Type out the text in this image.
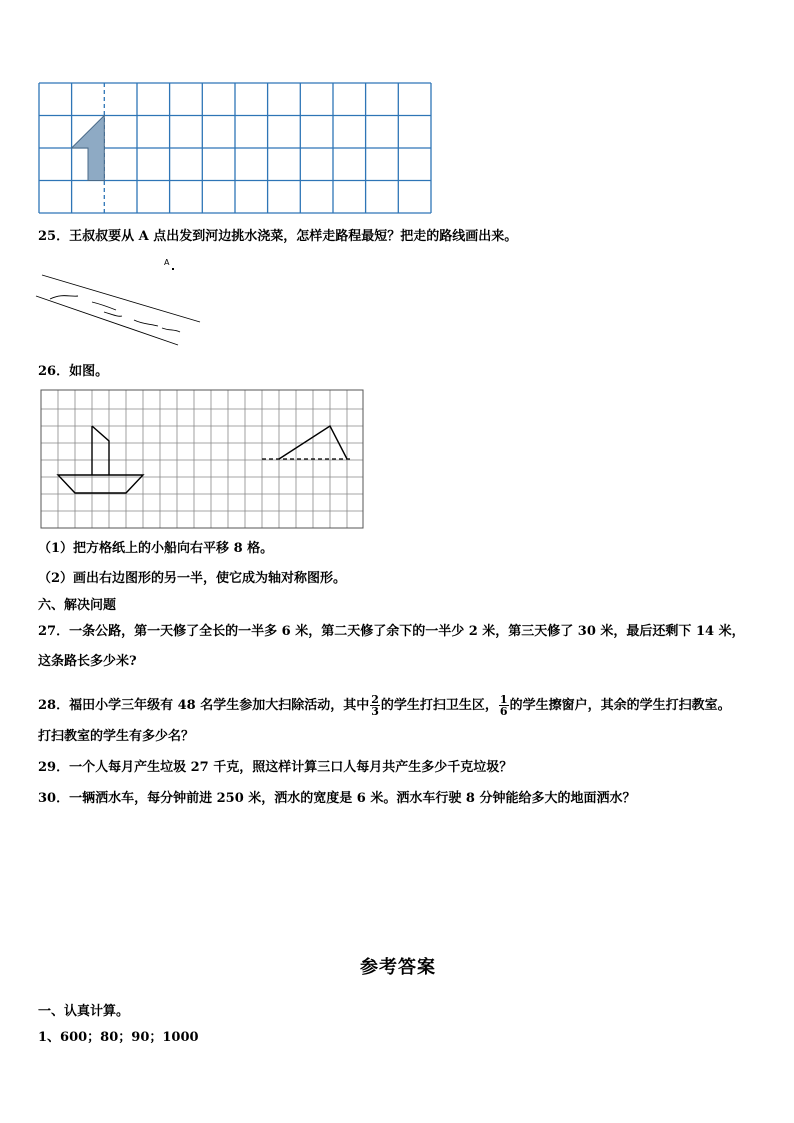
25．王叔叔要从 A 点出发到河边挑水浇菜，怎样走路程最短？把走的路线画出来。
A
26．如图。
（1）把方格纸上的小船向右平移 8 格。
（2）画出右边图形的另一半，使它成为轴对称图形。
六、解决问题
27．一条公路，第一天修了全长的一半多 6 米，第二天修了余下的一半少 2 米，第三天修了 30 米，最后还剩下 14 米，
这条路长多少米?
28．福田小学三年级有 48 名学生参加大扫除活动，其中 $\frac{2}{3}$ 的学生打扫卫生区， $\frac{1}{6}$ 的学生擦窗户，其余的学生打扫教室。
打扫教室的学生有多少名？
29．一个人每月产生垃圾 27 千克，照这样计算三口人每月共产生多少千克垃圾？
30．一辆洒水车，每分钟前进 250 米，洒水的宽度是 6 米。洒水车行驶 8 分钟能给多大的地面洒水？
参考答案
一、认真计算。
1、600；80；90；1000
